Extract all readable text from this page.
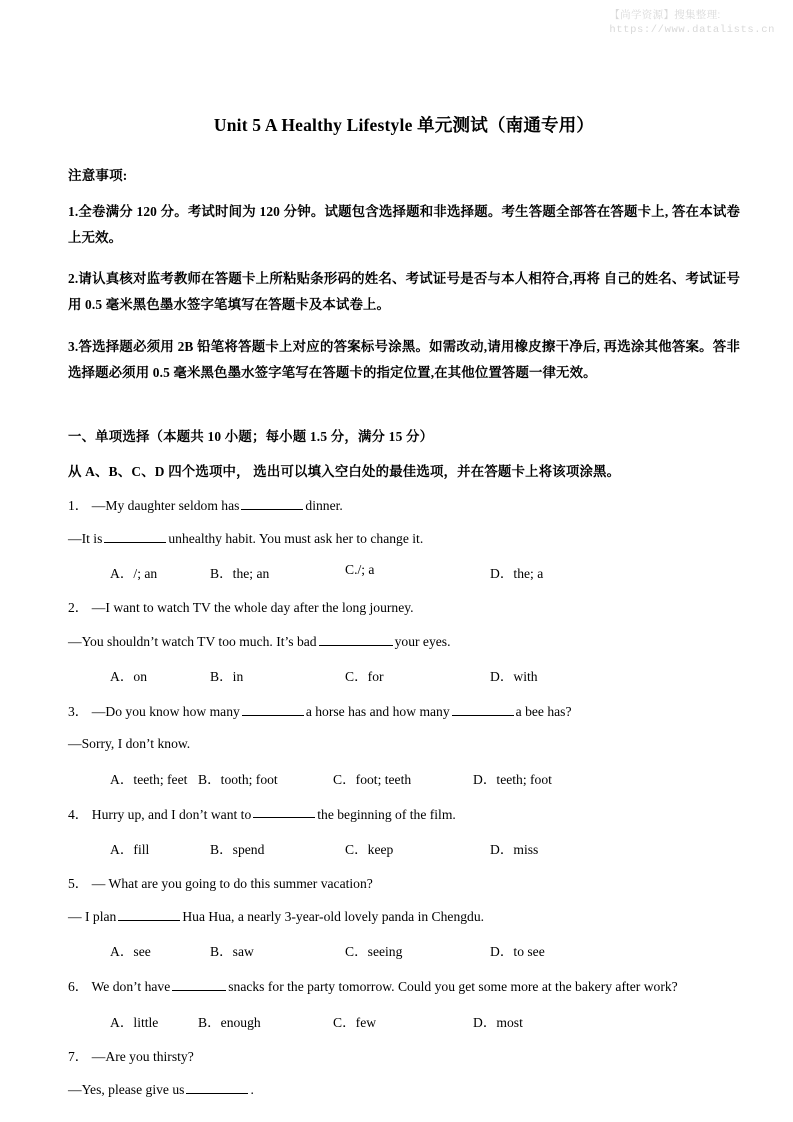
【尚学资源】搜集整理:
https://www.datalists.cn
Unit 5 A Healthy Lifestyle 单元测试（南通专用）
注意事项:
1.全卷满分 120 分。考试时间为 120 分钟。试题包含选择题和非选择题。考生答题全部答在答题卡上, 答在本试卷上无效。
2.请认真核对监考教师在答题卡上所粘贴条形码的姓名、考试证号是否与本人相符合,再将 自己的姓名、考试证号用 0.5 毫米黑色墨水签字笔填写在答题卡及本试卷上。
3.答选择题必须用 2B 铅笔将答题卡上对应的答案标号涂黑。如需改动,请用橡皮擦干净后, 再选涂其他答案。答非选择题必须用 0.5 毫米黑色墨水签字笔写在答题卡的指定位置,在其他位置答题一律无效。
一、单项选择（本题共 10 小题；每小题 1.5 分，满分 15 分）
从 A、B、C、D 四个选项中， 选出可以填入空白处的最佳选项，并在答题卡上将该项涂黑。
1． —My daughter seldom has	dinner.
—It is	unhealthy habit. You must ask her to change it.
A．/; an	B．the; an	C./; a	D．the; a
2． —I want to watch TV the whole day after the long journey.
—You shouldn’t watch TV too much. It’s bad	your eyes.
A．on	B．in	C．for	D．with
3． —Do you know how many	a horse has and how many	a bee has?
—Sorry, I don’t know.
A．teeth; feet B．tooth; foot	C．foot; teeth	D．teeth; foot
4． Hurry up, and I don’t want to	the beginning of the film.
A．fill	B．spend	C．keep	D．miss
5． — What are you going to do this summer vacation?
— I plan	Hua Hua, a nearly 3-year-old lovely panda in Chengdu.
A．see	B．saw	C．seeing	D．to see
6． We don’t have	snacks for the party tomorrow. Could you get some more at the bakery after work?
A．little	B．enough	C．few	D．most
7． —Are you thirsty?
—Yes, please give us	.
